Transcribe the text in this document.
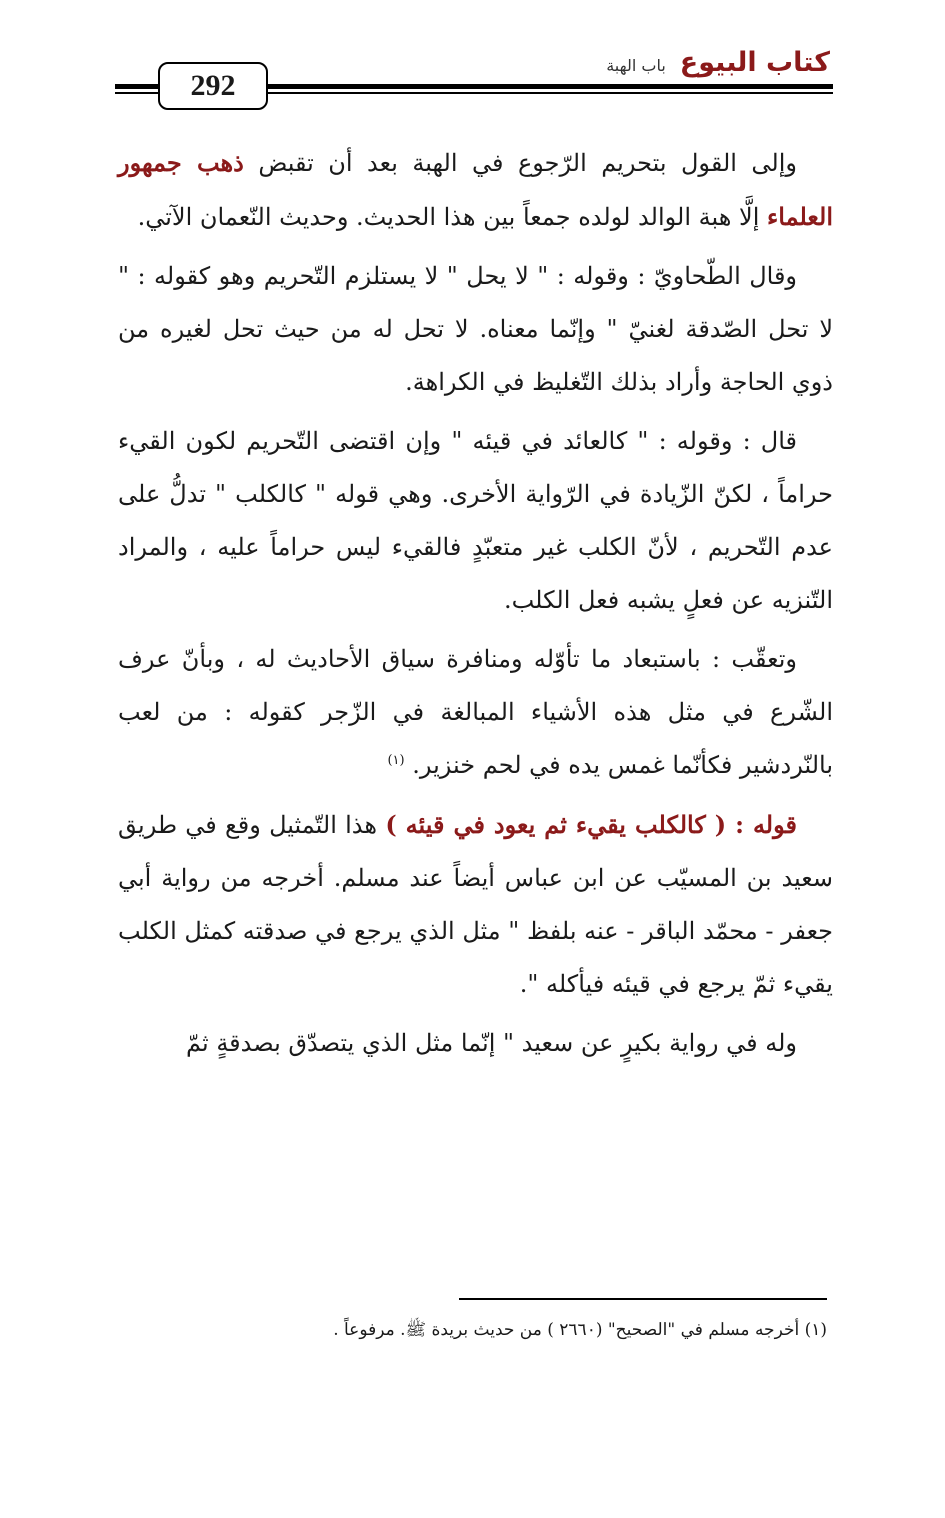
كتاب البيوع
باب الهبة
292

وإلى القول بتحريم الرّجوع في الهبة بعد أن تقبض ذهب جمهور العلماء إلَّا هبة الوالد لولده جمعاً بين هذا الحديث. وحديث النّعمان الآتي.

وقال الطّحاويّ : وقوله : " لا يحل " لا يستلزم التّحريم وهو كقوله : " لا تحل الصّدقة لغنيّ " وإنّما معناه. لا تحل له من حيث تحل لغيره من ذوي الحاجة وأراد بذلك التّغليظ في الكراهة.

قال : وقوله : " كالعائد في قيئه " وإن اقتضى التّحريم لكون القيء حراماً ، لكنّ الزّيادة في الرّواية الأخرى. وهي قوله " كالكلب " تدلُّ على عدم التّحريم ، لأنّ الكلب غير متعبّدٍ فالقيء ليس حراماً عليه ، والمراد التّنزيه عن فعلٍ يشبه فعل الكلب.

وتعقّب : باستبعاد ما تأوّله ومنافرة سياق الأحاديث له ، وبأنّ عرف الشّرع في مثل هذه الأشياء المبالغة في الزّجر كقوله : من لعب بالنّردشير فكأنّما غمس يده في لحم خنزير. $^{(١)}$

قوله : ( كالكلب يقيء ثم يعود في قيئه ) هذا التّمثيل وقع في طريق سعيد بن المسيّب عن ابن عباس أيضاً عند مسلم. أخرجه من رواية أبي جعفر - محمّد الباقر - عنه بلفظ " مثل الذي يرجع في صدقته كمثل الكلب يقيء ثمّ يرجع في قيئه فيأكله ".

وله في رواية بكيرٍ عن سعيد " إنّما مثل الذي يتصدّق بصدقةٍ ثمّ

(١) أخرجه مسلم في "الصحيح" (٢٦٦٠ ) من حديث بريدة ﷺ. مرفوعاً .
